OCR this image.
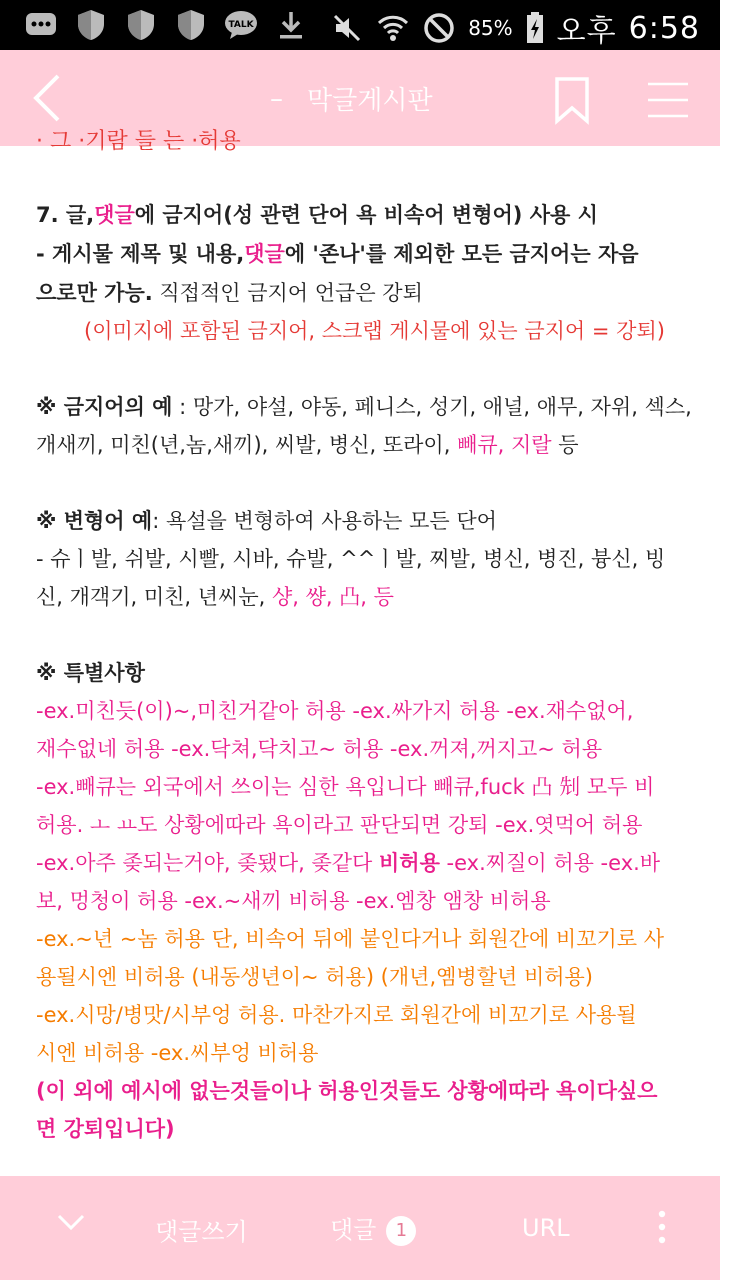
TALK	85% 오후 6:58
– 막글게시판
· 그 ·기람 들 는 ·허용
7. 글,댓글에 금지어(성 관련 단어 욕 비속어 변형어) 사용 시
- 게시물 제목 및 내용,댓글에 '존나'를 제외한 모든 금지어는 자음
으로만 가능. 직접적인 금지어 언급은 강퇴
(이미지에 포함된 금지어, 스크랩 게시물에 있는 금지어 = 강퇴)
※ 금지어의 예 : 망가, 야설, 야동, 페니스, 성기, 애널, 애무, 자위, 섹스,
개새끼, 미친(년,놈,새끼), 씨발, 병신, 또라이, 빼큐, 지랄 등
※ 변형어 예: 욕설을 변형하여 사용하는 모든 단어
- 슈ㅣ발, 쉬발, 시빨, 시바, 슈발, ^^ㅣ발, 찌발, 병신, 병진, 븅신, 빙
신, 개객기, 미친, 년씨눈, 샹, 썅, 凸, 등
※ 특별사항
-ex.미친듯(이)~,미친거같아 허용 -ex.싸가지 허용 -ex.재수없어,
재수없네 허용 -ex.닥쳐,닥치고~ 허용 -ex.꺼져,꺼지고~ 허용
-ex.빼큐는 외국에서 쓰이는 심한 욕입니다 빼큐,fuck 凸 𠜎 모두 비
허용. ㅗ ㅛ도 상황에따라 욕이라고 판단되면 강퇴 -ex.엿먹어 허용
-ex.아주 좆되는거야, 좆됐다, 좆같다 비허용 -ex.찌질이 허용 -ex.바
보, 멍청이 허용 -ex.~새끼 비허용 -ex.엠창 앰창 비허용
-ex.~년 ~놈 허용 단, 비속어 뒤에 붙인다거나 회원간에 비꼬기로 사
용될시엔 비허용 (내동생년이~ 허용) (개년,옘병할년 비허용)
-ex.시망/병맛/시부엉 허용. 마찬가지로 회원간에 비꼬기로 사용될
시엔 비허용 -ex.씨부엉 비허용
(이 외에 예시에 없는것들이나 허용인것들도 상황에따라 욕이다싶으
면 강퇴입니다)
댓글쓰기	댓글 1	URL
